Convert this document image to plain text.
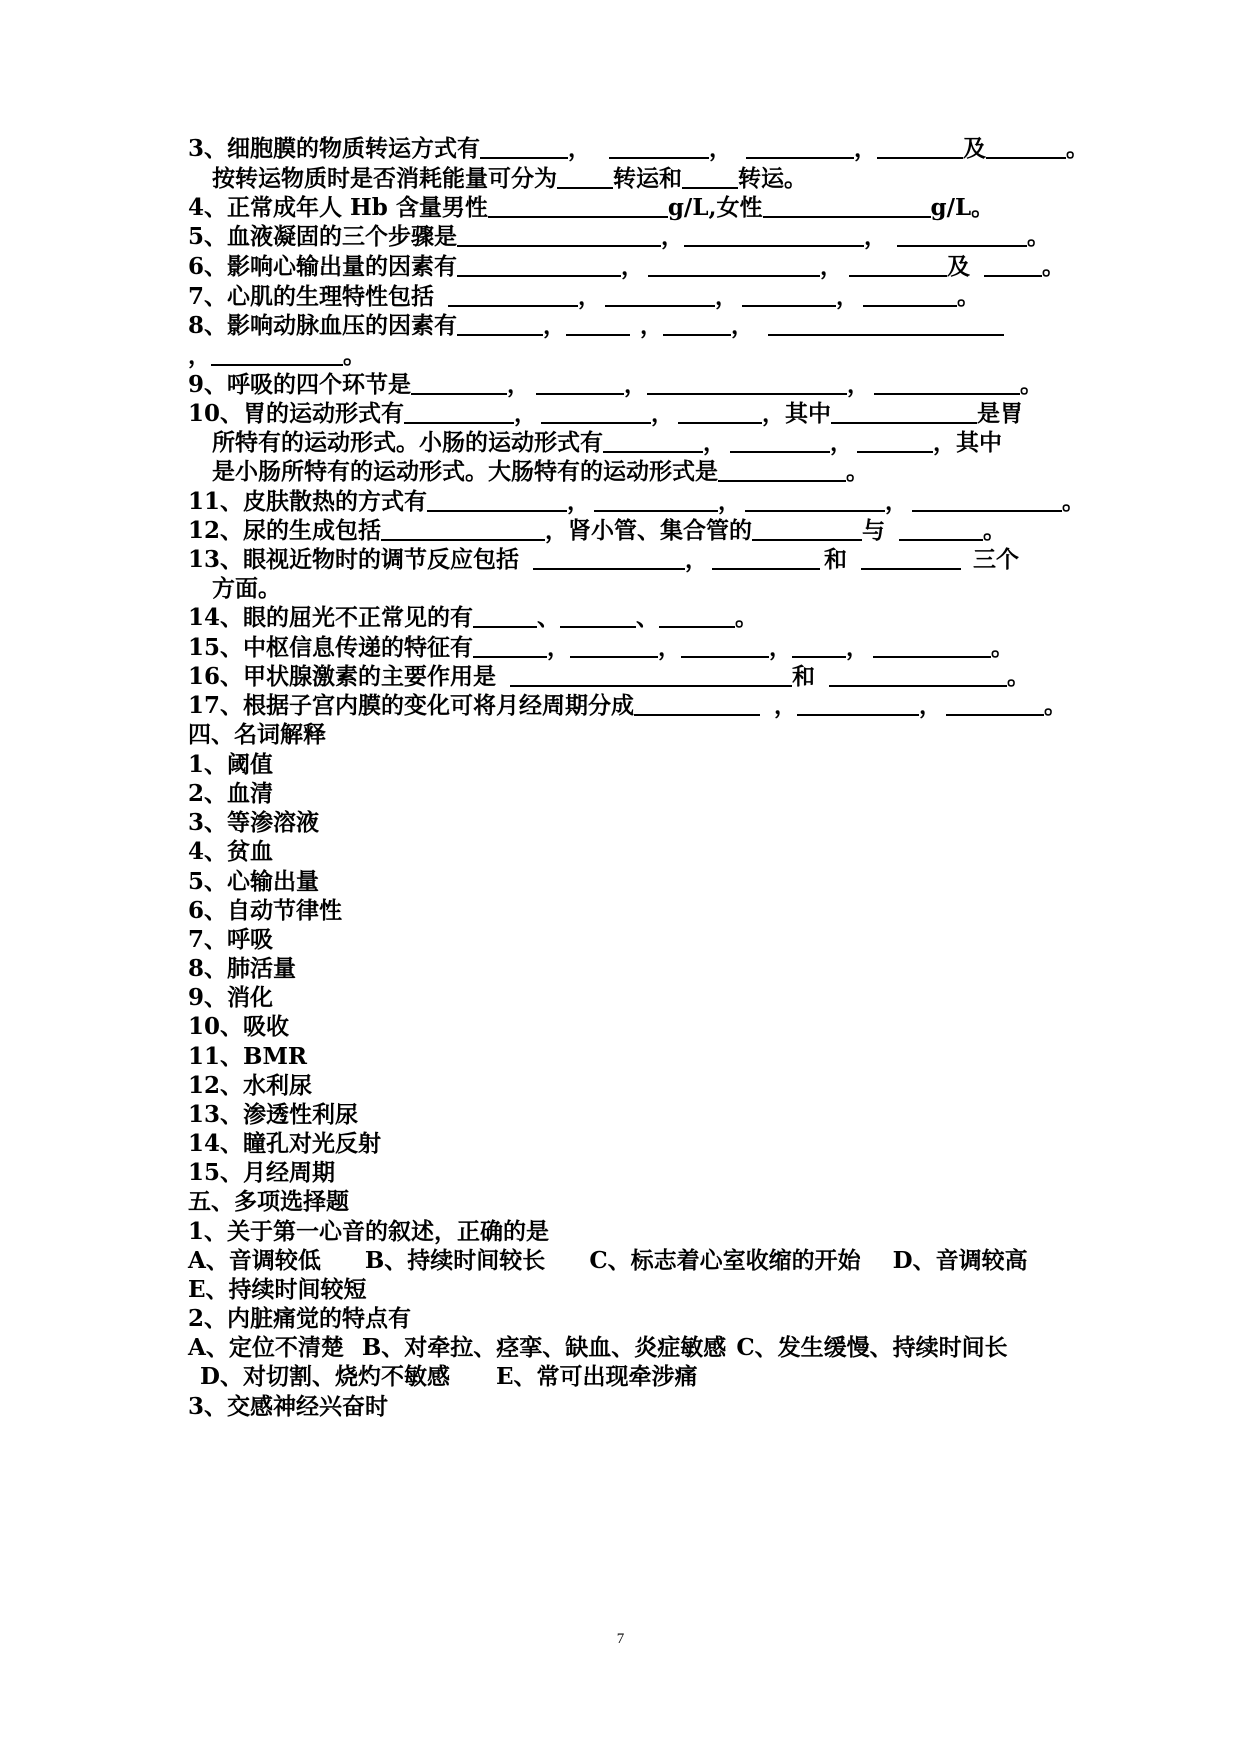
3、细胞膜的物质转运方式有	，	，	，	及	。
按转运物质时是否消耗能量可分为 转运和 转运。
4、正常成年人 Hb 含量男性	g/L,女性	g/L。
5、血液凝固的三个步骤是	，	，	。
6、影响心输出量的因素有	，	，	及	。
7、心肌的生理特性包括	，	，	，	。
8、影响动脉血压的因素有	，	，	，
，	。
9、呼吸的四个环节是	，	，	，	。
10、胃的运动形式有	，	，	，其中	是胃
所特有的运动形式。小肠的运动形式有	，	，	，其中
是小肠所特有的运动形式。大肠特有的运动形式是	。
11、皮肤散热的方式有	，	，	，	。
12、尿的生成包括	，肾小管、集合管的	与	。
13、眼视近物时的调节反应包括	，	和	三个
方面。
14、眼的屈光不正常见的有	、	、	。
15、中枢信息传递的特征有	，	，	， ，	。
16、甲状腺激素的主要作用是	和	。
17、根据子宫内膜的变化可将月经周期分成	，	，	。
四、名词解释
1、阈值
2、血清
3、等渗溶液
4、贫血
5、心输出量
6、自动节律性
7、呼吸
8、肺活量
9、消化
10、吸收
11、BMR
12、水利尿
13、渗透性利尿
14、瞳孔对光反射
15、月经周期
五、多项选择题
1、关于第一心音的叙述，正确的是
A、音调较低 B、持续时间较长 C、标志着心室收缩的开始 D、音调较高
E、持续时间较短
2、内脏痛觉的特点有
A、定位不清楚 B、对牵拉、痉挛、缺血、炎症敏感 C、发生缓慢、持续时间长
D、对切割、烧灼不敏感 E、常可出现牵涉痛
3、交感神经兴奋时
7
